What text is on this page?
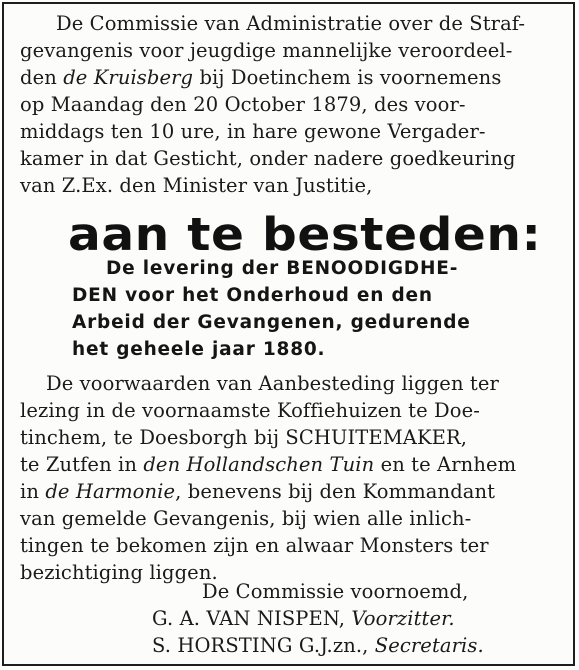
De Commissie van Administratie over de Straf-
gevangenis voor jeugdige mannelijke veroordeel-
den de Kruisberg bij Doetinchem is voornemens
op Maandag den 20 October 1879, des voor-
middags ten 10 ure, in hare gewone Vergader-
kamer in dat Gesticht, onder nadere goedkeuring
van Z.Ex. den Minister van Justitie,
aan te besteden:
De levering der BENOODIGDHE-
DEN voor het Onderhoud en den
Arbeid der Gevangenen, gedurende
het geheele jaar 1880.
De voorwaarden van Aanbesteding liggen ter
lezing in de voornaamste Koffiehuizen te Doe-
tinchem, te Doesborgh bij SCHUITEMAKER,
te Zutfen in den Hollandschen Tuin en te Arnhem
in de Harmonie, benevens bij den Kommandant
van gemelde Gevangenis, bij wien alle inlich-
tingen te bekomen zijn en alwaar Monsters ter
bezichtiging liggen.
De Commissie voornoemd,
G. A. VAN NISPEN, Voorzitter.
S. HORSTING G.J.zn., Secretaris.
